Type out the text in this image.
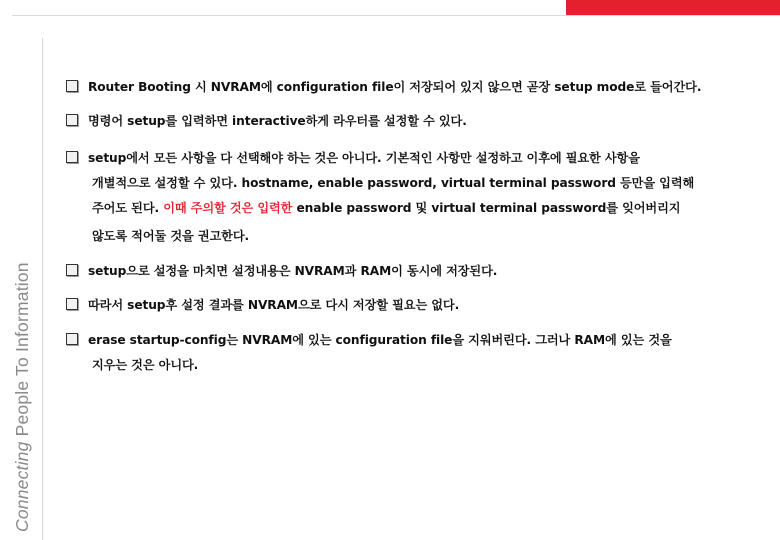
Connecting People To Information
Router Booting 시 NVRAM에 configuration file이 저장되어 있지 않으면 곧장 setup mode로 들어간다.
명령어 setup를 입력하면 interactive하게 라우터를 설정할 수 있다.
setup에서 모든 사항을 다 선택해야 하는 것은 아니다. 기본적인 사항만 설정하고 이후에 필요한 사항을
개별적으로 설정할 수 있다. hostname, enable password, virtual terminal password 등만을 입력해
주어도 된다. 이때 주의할 것은 입력한 enable password 및 virtual terminal password를 잊어버리지
않도록 적어둘 것을 권고한다.
setup으로 설정을 마치면 설정내용은 NVRAM과 RAM이 동시에 저장된다.
따라서 setup후 설정 결과를 NVRAM으로 다시 저장할 필요는 없다.
erase startup-config는 NVRAM에 있는 configuration file을 지워버린다. 그러나 RAM에 있는 것을
지우는 것은 아니다.
